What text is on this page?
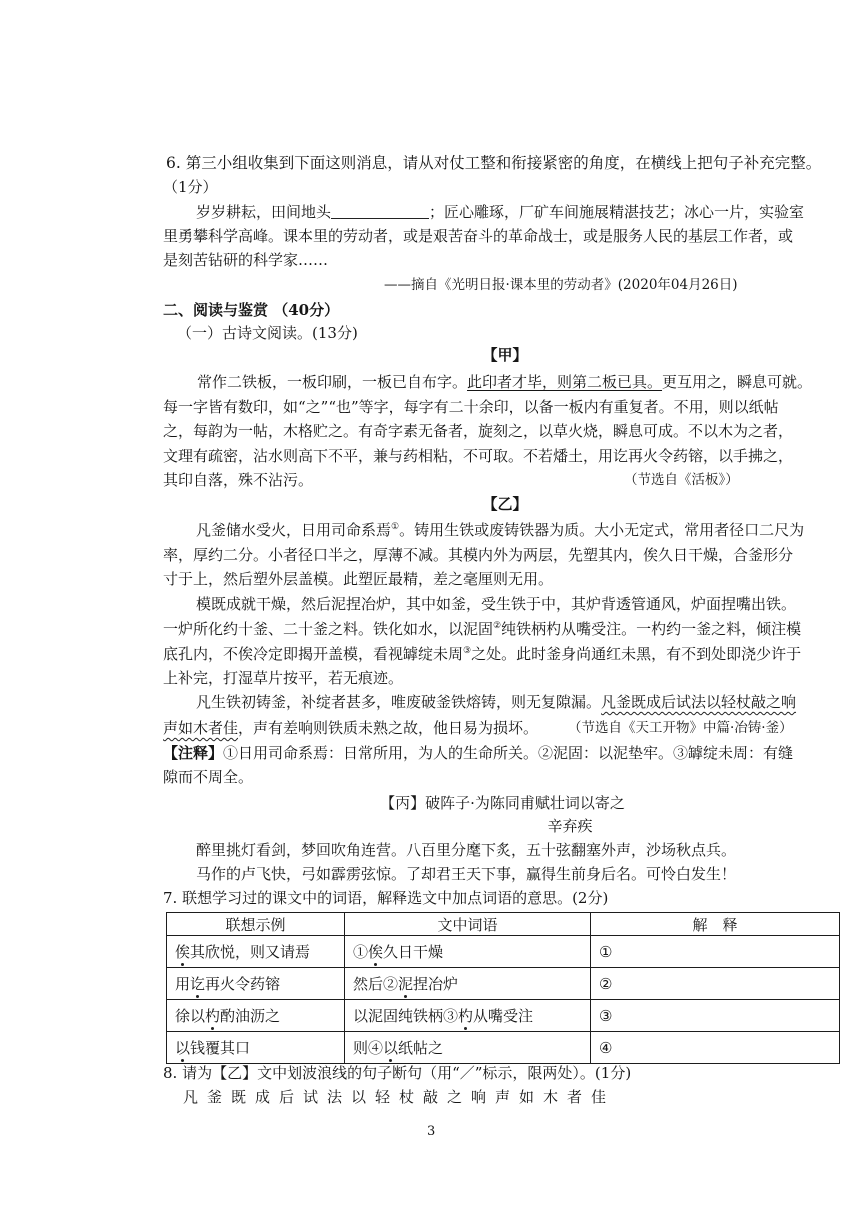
6. 第三小组收集到下面这则消息，请从对仗工整和衔接紧密的角度，在横线上把句子补充完整。
（1分）
岁岁耕耘，田间地头	；匠心雕琢，厂矿车间施展精湛技艺；冰心一片，实验室
里勇攀科学高峰。课本里的劳动者，或是艰苦奋斗的革命战士，或是服务人民的基层工作者，或
是刻苦钻研的科学家……
——摘自《光明日报·课本里的劳动者》(2020年04月26日)
二、阅读与鉴赏 （40分）
（一）古诗文阅读。(13分)
【甲】
常作二铁板，一板印刷，一板已自布字。此印者才毕，则第二板已具。更互用之，瞬息可就。
每一字皆有数印，如“之”“也”等字，每字有二十余印，以备一板内有重复者。不用，则以纸帖
之，每韵为一帖，木格贮之。有奇字素无备者，旋刻之，以草火烧，瞬息可成。不以木为之者，
文理有疏密，沾水则高下不平，兼与药相粘，不可取。不若燔土，用讫再火令药镕，以手拂之，
其印自落，殊不沾污。	（节选自《活板》）
【乙】
凡釜储水受火，日用司命系焉①。铸用生铁或废铸铁器为质。大小无定式，常用者径口二尺为
率，厚约二分。小者径口半之，厚薄不减。其模内外为两层，先塑其内，俟久日干燥，合釜形分
寸于上，然后塑外层盖模。此塑匠最精，差之毫厘则无用。
模既成就干燥，然后泥捏冶炉，其中如釜，受生铁于中，其炉背透管通风，炉面捏嘴出铁。
一炉所化约十釜、二十釜之料。铁化如水，以泥固②纯铁柄杓从嘴受注。一杓约一釜之料，倾注模
底孔内，不俟冷定即揭开盖模，看视罅绽未周③之处。此时釜身尚通红未黑，有不到处即浇少许于
上补完，打湿草片按平，若无痕迹。
凡生铁初铸釜，补绽者甚多，唯废破釜铁熔铸，则无复隙漏。凡釜既成后试法以轻杖敲之响
声如木者佳，声有差响则铁质未熟之故，他日易为损坏。 （节选自《天工开物》中篇·冶铸·釜）
【注释】①日用司命系焉：日常所用，为人的生命所关。②泥固：以泥垫牢。③罅绽未周：有缝
隙而不周全。
【丙】破阵子·为陈同甫赋壮词以寄之
辛弃疾
醉里挑灯看剑，梦回吹角连营。八百里分麾下炙，五十弦翻塞外声，沙场秋点兵。
马作的卢飞快，弓如霹雳弦惊。了却君王天下事，赢得生前身后名。可怜白发生！
7. 联想学习过的课文中的词语，解释选文中加点词语的意思。(2分)
联想示例	文中词语	解　释
俟其欣悦，则又请焉	①俟久日干燥	①
用讫再火令药镕	然后②泥捏冶炉	②
徐以杓酌油沥之	以泥固纯铁柄③杓从嘴受注	③
以钱覆其口	则④以纸帖之	④
8. 请为【乙】文中划波浪线的句子断句（用“／”标示，限两处）。(1分)
凡釜既成后试法以轻杖敲之响声如木者佳
3
